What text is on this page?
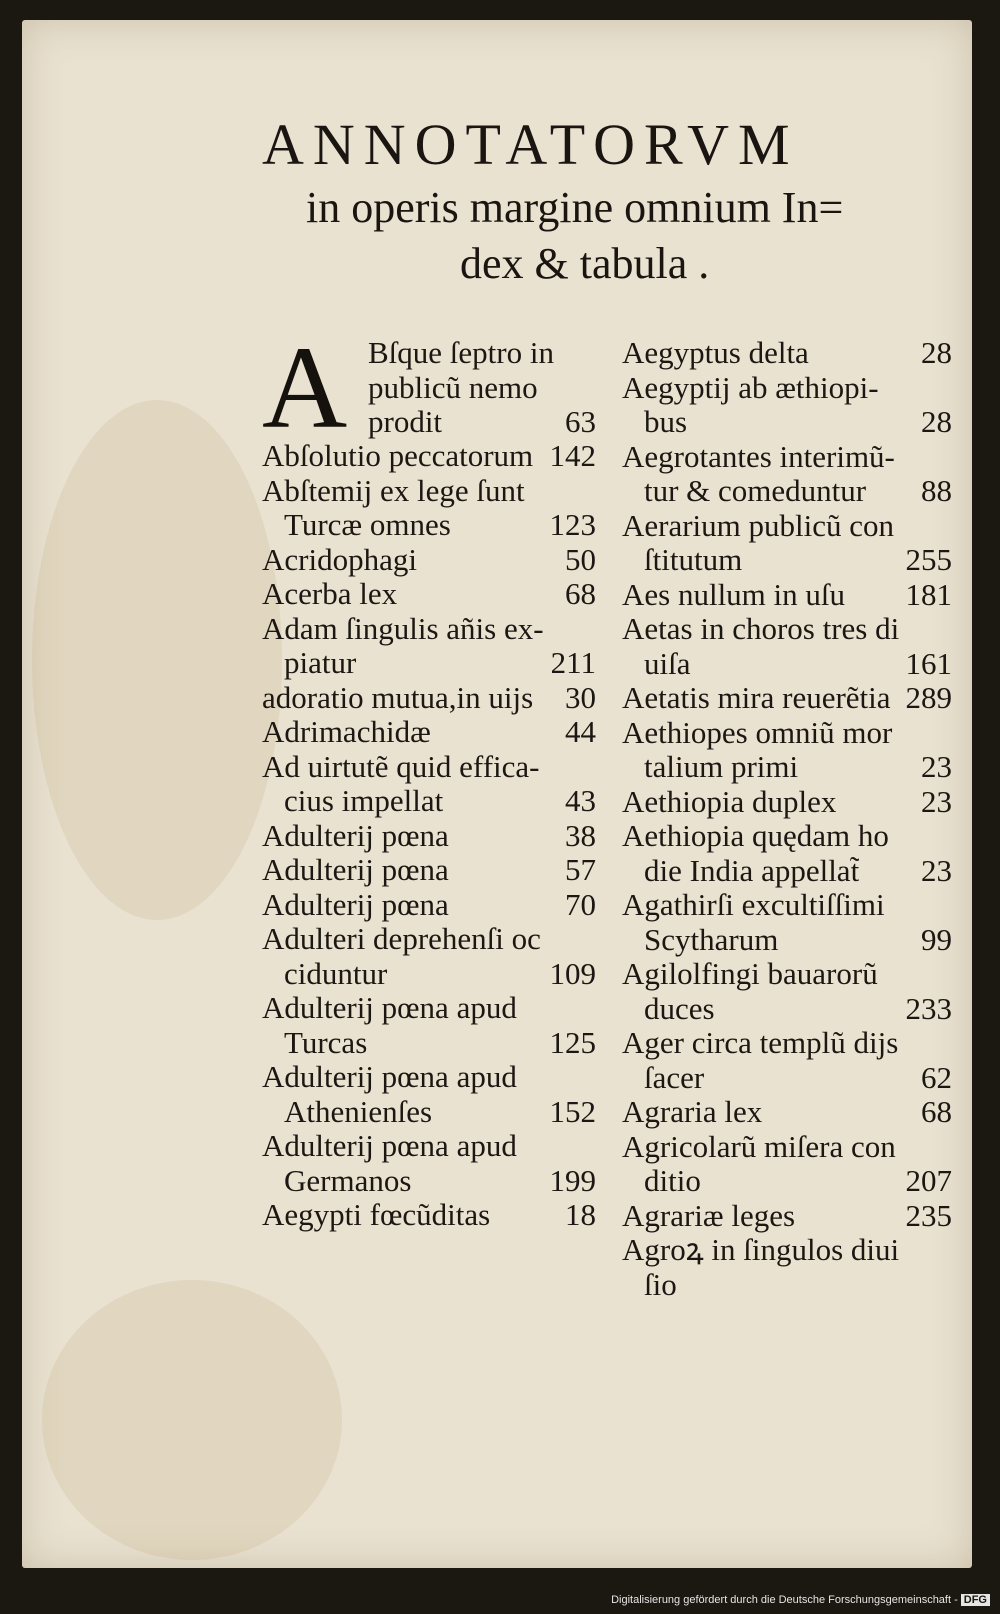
ANNOTATORVM
in operis margine omnium In=
dex & tabula .
A Bſque ſeptro in
publicũ nemo
prodit	63
Abſolutio peccatorum 142
Abſtemij ex lege ſunt
Turcæ omnes	123
Acridophagi	50
Acerba lex	68
Adam ſingulis añis ex-
piatur	211
adoratio mutua,in uijs 30
Adrimachidæ	44
Ad uirtutẽ quid effica-
cius impellat	43
Adulterij pœna	38
Adulterij pœna	57
Adulterij pœna	70
Adulteri deprehenſi oc
ciduntur	109
Adulterij pœna apud
Turcas	125
Adulterij pœna apud
Athenienſes	152
Adulterij pœna apud
Germanos	199
Aegypti fœcũditas 18
Aegyptus delta	28
Aegyptij ab æthiopi-
bus	28
Aegrotantes interimũ-
tur & comeduntur 88
Aerarium publicũ con
ſtitutum	255
Aes nullum in uſu 181
Aetas in choros tres di
uiſa	161
Aetatis mira reuerẽtia 289
Aethiopes omniũ mor
talium primi	23
Aethiopia duplex	23
Aethiopia quędam ho
die India appellat̃ 23
Agathirſi excultiſſimi
Scytharum	99
Agilolfingi bauarorũ
duces	233
Ager circa templũ dijs
ſacer	62
Agraria lex	68
Agricolarũ miſera con
ditio	207
Agrariæ leges	235
Agroꝝ in ſingulos diui
ſio
Digitalisierung gefördert durch die Deutsche Forschungsgemeinschaft - DFG
